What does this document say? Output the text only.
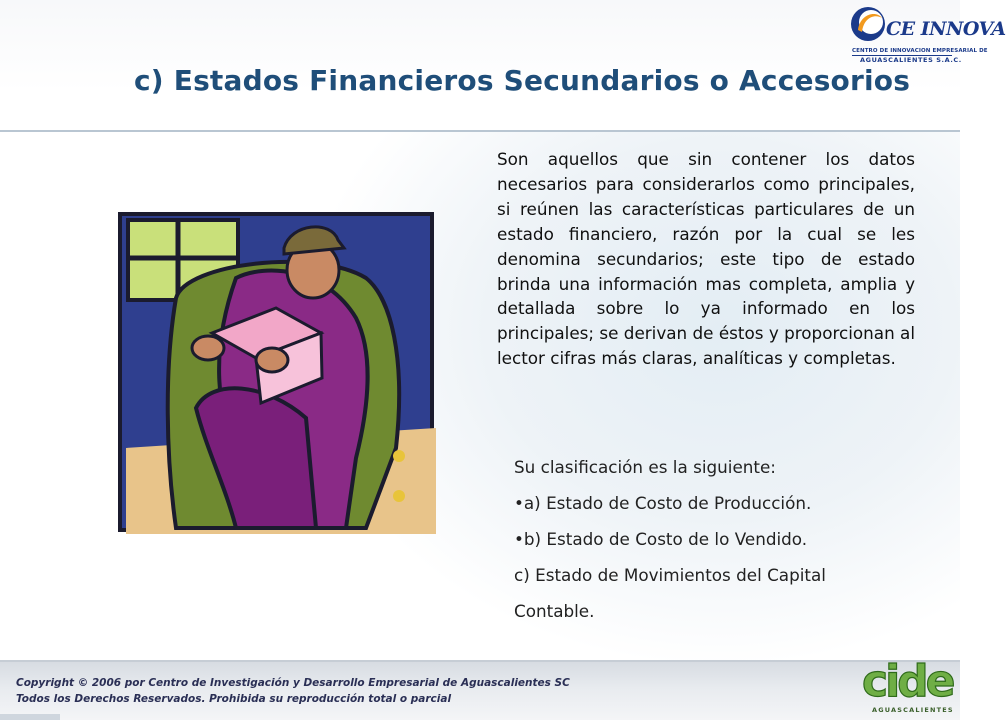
CE INNOVA
CENTRO DE INNOVACION EMPRESARIAL DE
AGUASCALIENTES S.A.C.
c) Estados Financieros Secundarios o Accesorios
Son aquellos que sin contener los datos necesarios para considerarlos como principales, si reúnen las características particulares de un estado financiero, razón por la cual se les denomina secundarios; este tipo de estado brinda una información mas completa, amplia y detallada sobre lo ya informado en los principales; se derivan de éstos y proporcionan al lector cifras más claras, analíticas y completas.
Su clasificación es la siguiente:
•a) Estado de Costo de Producción.
•b) Estado de Costo de lo Vendido.
c) Estado de Movimientos del Capital
Contable.
Copyright © 2006 por Centro de Investigación y Desarrollo Empresarial de Aguascalientes SC
Todos los Derechos Reservados. Prohibida su reproducción total o parcial	cide
AGUASCALIENTES
